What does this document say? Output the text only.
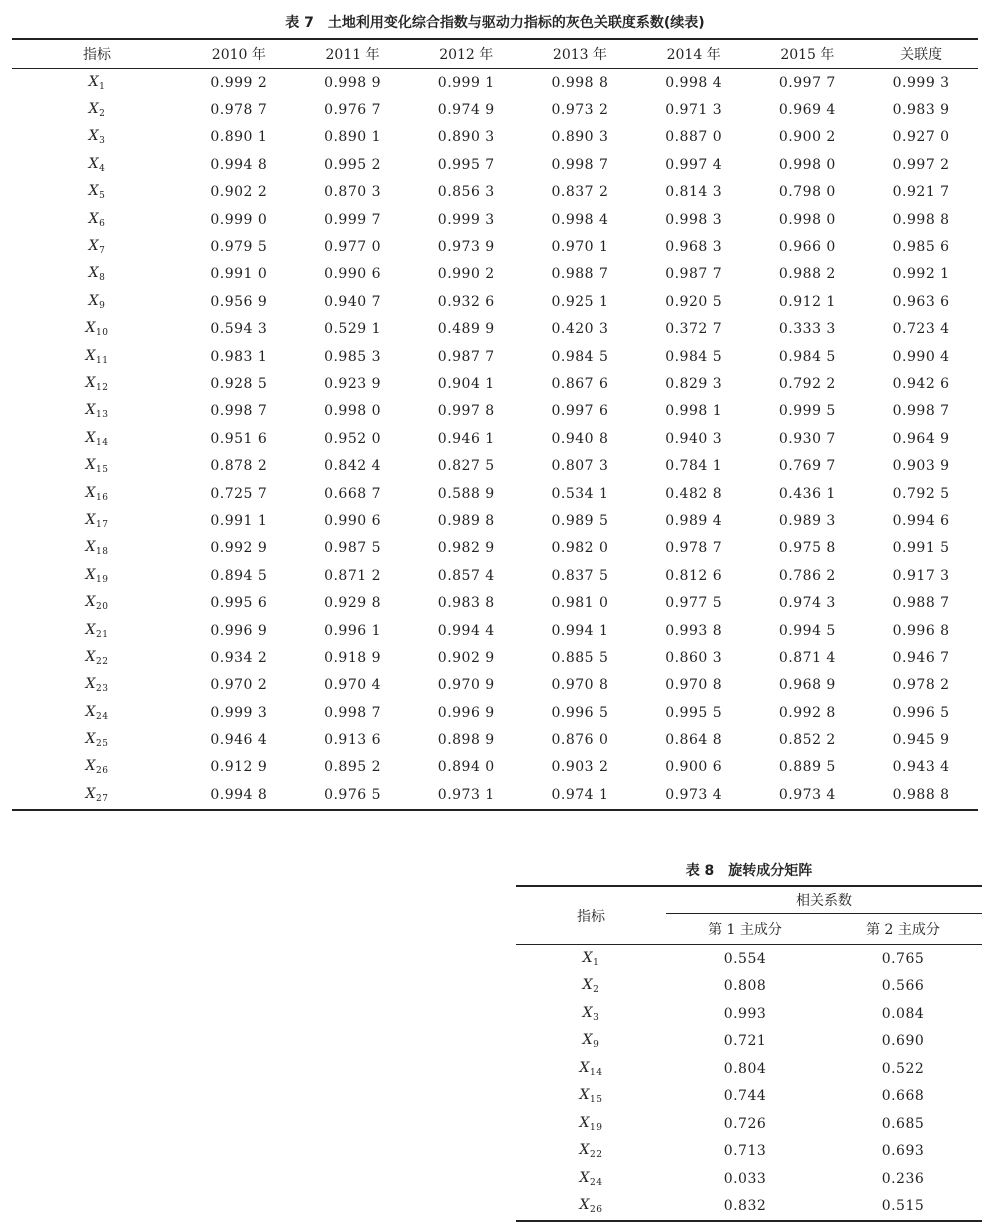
表 7　土地利用变化综合指数与驱动力指标的灰色关联度系数(续表)
指标	2010 年	2011 年	2012 年	2013 年	2014 年	2015 年	关联度
$X_1$	0.999 2	0.998 9	0.999 1	0.998 8	0.998 4	0.997 7	0.999 3
$X_2$	0.978 7	0.976 7	0.974 9	0.973 2	0.971 3	0.969 4	0.983 9
$X_3$	0.890 1	0.890 1	0.890 3	0.890 3	0.887 0	0.900 2	0.927 0
$X_4$	0.994 8	0.995 2	0.995 7	0.998 7	0.997 4	0.998 0	0.997 2
$X_5$	0.902 2	0.870 3	0.856 3	0.837 2	0.814 3	0.798 0	0.921 7
$X_6$	0.999 0	0.999 7	0.999 3	0.998 4	0.998 3	0.998 0	0.998 8
$X_7$	0.979 5	0.977 0	0.973 9	0.970 1	0.968 3	0.966 0	0.985 6
$X_8$	0.991 0	0.990 6	0.990 2	0.988 7	0.987 7	0.988 2	0.992 1
$X_9$	0.956 9	0.940 7	0.932 6	0.925 1	0.920 5	0.912 1	0.963 6
$X_{10}$	0.594 3	0.529 1	0.489 9	0.420 3	0.372 7	0.333 3	0.723 4
$X_{11}$	0.983 1	0.985 3	0.987 7	0.984 5	0.984 5	0.984 5	0.990 4
$X_{12}$	0.928 5	0.923 9	0.904 1	0.867 6	0.829 3	0.792 2	0.942 6
$X_{13}$	0.998 7	0.998 0	0.997 8	0.997 6	0.998 1	0.999 5	0.998 7
$X_{14}$	0.951 6	0.952 0	0.946 1	0.940 8	0.940 3	0.930 7	0.964 9
$X_{15}$	0.878 2	0.842 4	0.827 5	0.807 3	0.784 1	0.769 7	0.903 9
$X_{16}$	0.725 7	0.668 7	0.588 9	0.534 1	0.482 8	0.436 1	0.792 5
$X_{17}$	0.991 1	0.990 6	0.989 8	0.989 5	0.989 4	0.989 3	0.994 6
$X_{18}$	0.992 9	0.987 5	0.982 9	0.982 0	0.978 7	0.975 8	0.991 5
$X_{19}$	0.894 5	0.871 2	0.857 4	0.837 5	0.812 6	0.786 2	0.917 3
$X_{20}$	0.995 6	0.929 8	0.983 8	0.981 0	0.977 5	0.974 3	0.988 7
$X_{21}$	0.996 9	0.996 1	0.994 4	0.994 1	0.993 8	0.994 5	0.996 8
$X_{22}$	0.934 2	0.918 9	0.902 9	0.885 5	0.860 3	0.871 4	0.946 7
$X_{23}$	0.970 2	0.970 4	0.970 9	0.970 8	0.970 8	0.968 9	0.978 2
$X_{24}$	0.999 3	0.998 7	0.996 9	0.996 5	0.995 5	0.992 8	0.996 5
$X_{25}$	0.946 4	0.913 6	0.898 9	0.876 0	0.864 8	0.852 2	0.945 9
$X_{26}$	0.912 9	0.895 2	0.894 0	0.903 2	0.900 6	0.889 5	0.943 4
$X_{27}$	0.994 8	0.976 5	0.973 1	0.974 1	0.973 4	0.973 4	0.988 8
表 8　旋转成分矩阵
指标	相关系数	
	第 1 主成分	第 2 主成分
$X_1$	0.554	0.765
$X_2$	0.808	0.566
$X_3$	0.993	0.084
$X_9$	0.721	0.690
$X_{14}$	0.804	0.522
$X_{15}$	0.744	0.668
$X_{19}$	0.726	0.685
$X_{22}$	0.713	0.693
$X_{24}$	0.033	0.236
$X_{26}$	0.832	0.515
